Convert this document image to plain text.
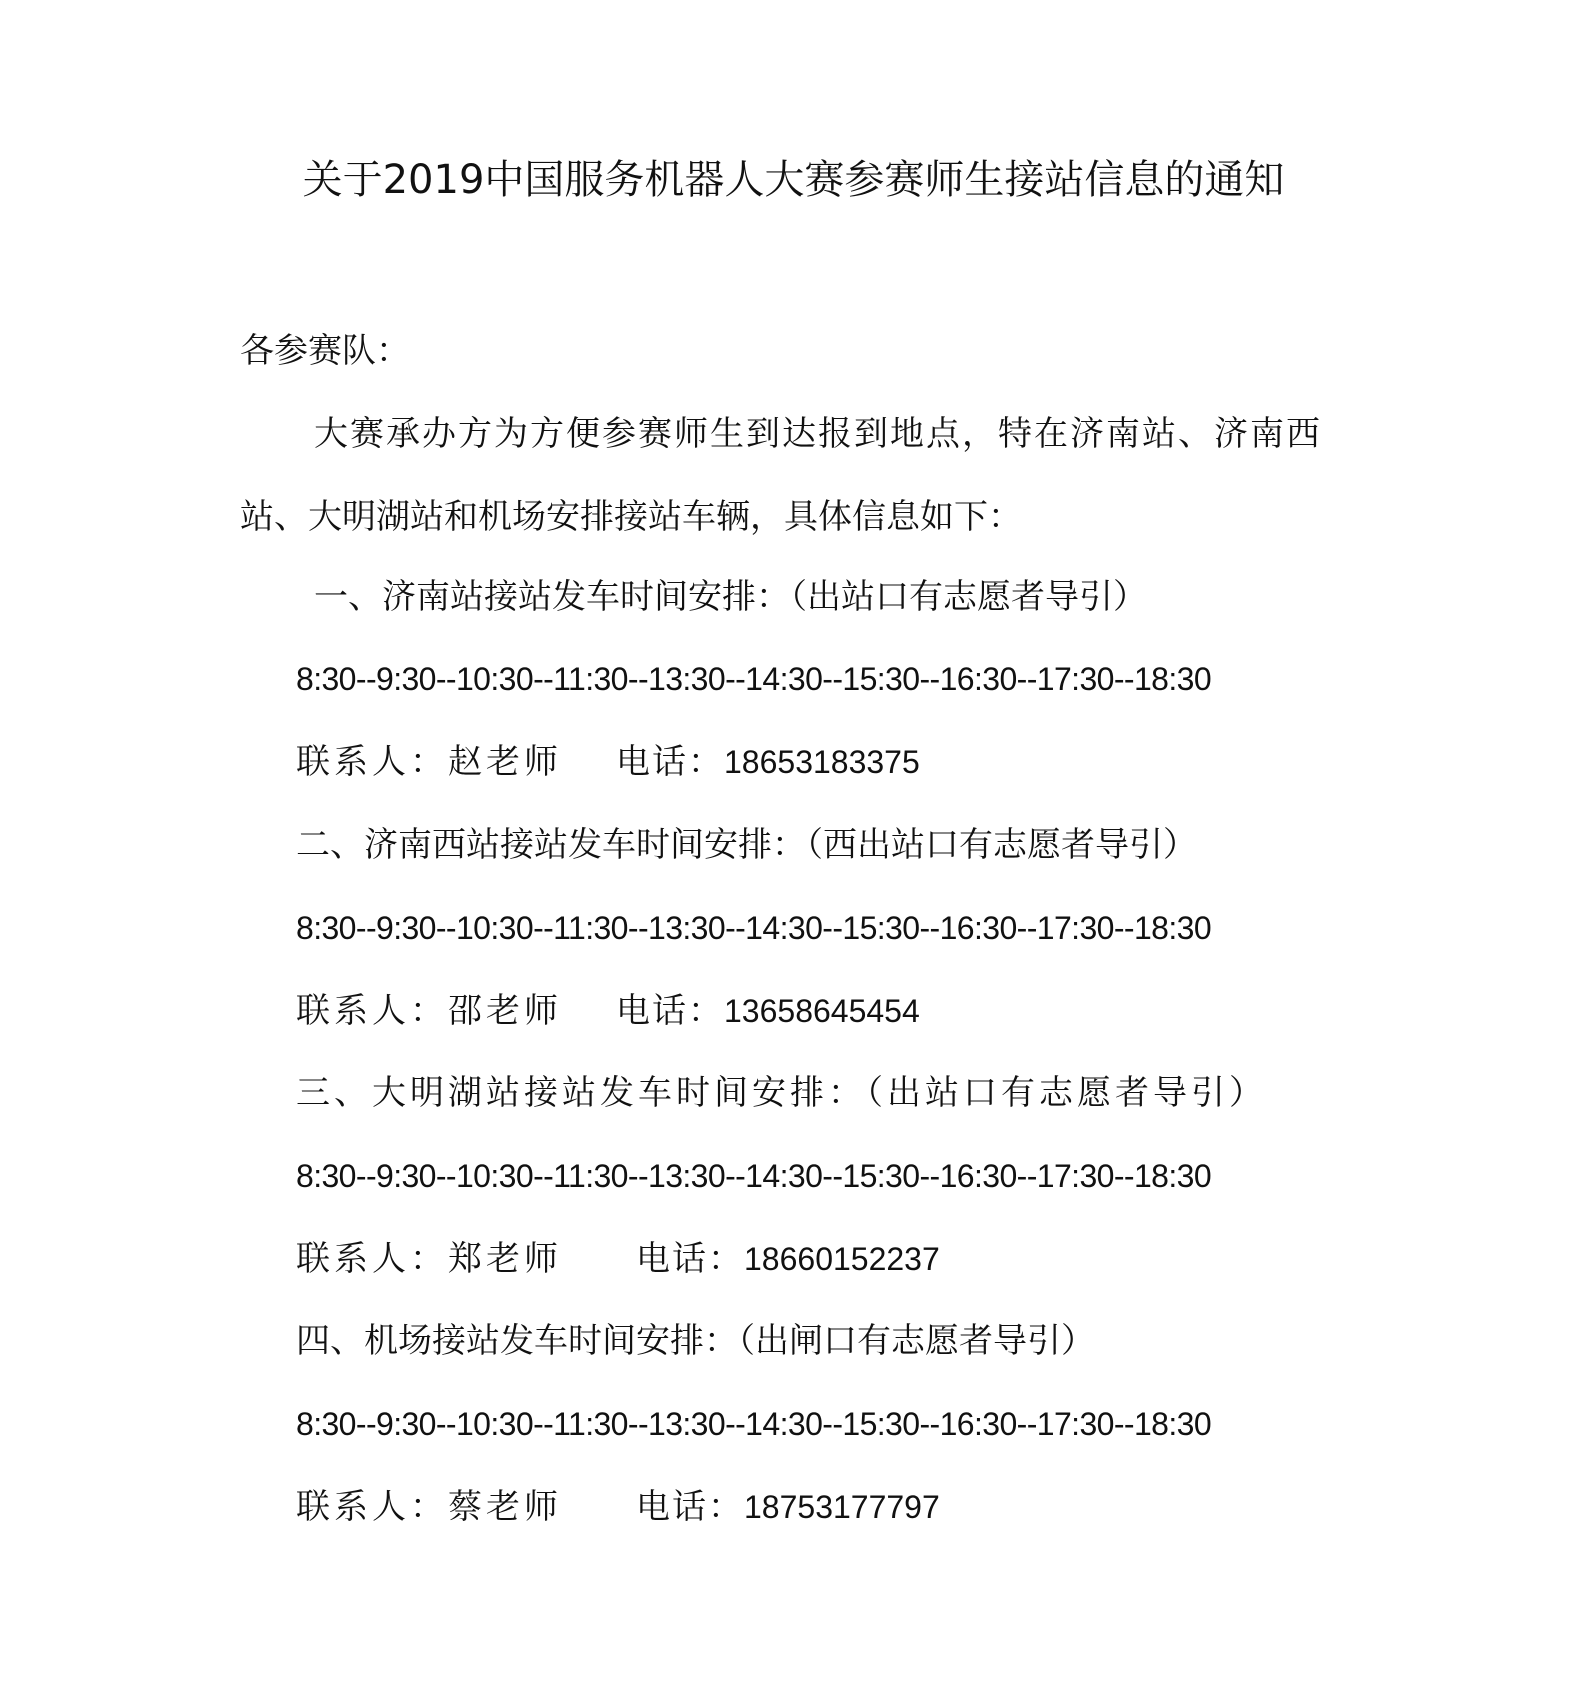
关于2019中国服务机器人大赛参赛师生接站信息的通知
各参赛队：
大赛承办方为方便参赛师生到达报到地点，特在济南站、济南西
站、大明湖站和机场安排接站车辆，具体信息如下：
一、济南站接站发车时间安排：（出站口有志愿者导引）
8:30--9:30--10:30--11:30--13:30--14:30--15:30--16:30--17:30--18:30
联系人：赵老师 电话：18653183375
二、济南西站接站发车时间安排：（西出站口有志愿者导引）
8:30--9:30--10:30--11:30--13:30--14:30--15:30--16:30--17:30--18:30
联系人：邵老师 电话：13658645454
三、大明湖站接站发车时间安排：（出站口有志愿者导引）
8:30--9:30--10:30--11:30--13:30--14:30--15:30--16:30--17:30--18:30
联系人：郑老师 电话：18660152237
四、机场接站发车时间安排：（出闸口有志愿者导引）
8:30--9:30--10:30--11:30--13:30--14:30--15:30--16:30--17:30--18:30
联系人：蔡老师 电话：18753177797
